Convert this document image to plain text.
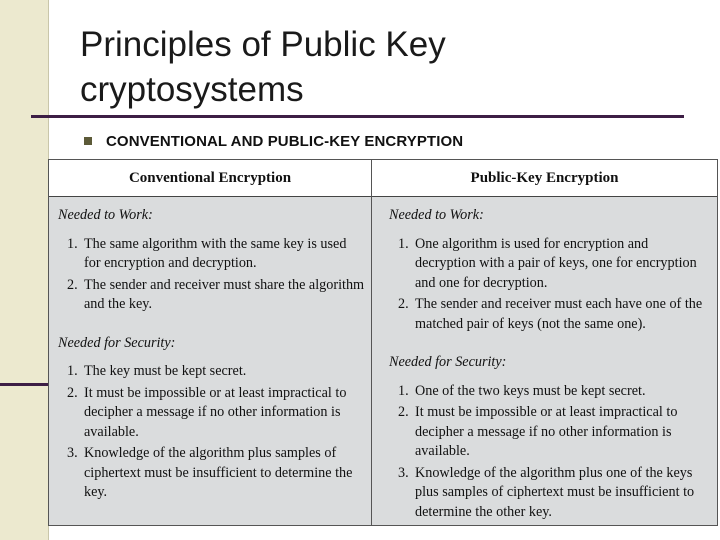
Principles of Public Key
cryptosystems
CONVENTIONAL AND PUBLIC-KEY ENCRYPTION
Conventional Encryption	Public-Key Encryption
Needed to Work:
1. The same algorithm with the same key is used for encryption and decryption.
2. The sender and receiver must share the algorithm and the key.
Needed for Security:
1. The key must be kept secret.
2. It must be impossible or at least impractical to decipher a message if no other information is available.
3. Knowledge of the algorithm plus samples of ciphertext must be insufficient to determine the key.
Needed to Work:
1. One algorithm is used for encryption and decryption with a pair of keys, one for encryption and one for decryption.
2. The sender and receiver must each have one of the matched pair of keys (not the same one).
Needed for Security:
1. One of the two keys must be kept secret.
2. It must be impossible or at least impractical to decipher a message if no other information is available.
3. Knowledge of the algorithm plus one of the keys plus samples of ciphertext must be insufficient to determine the other key.
